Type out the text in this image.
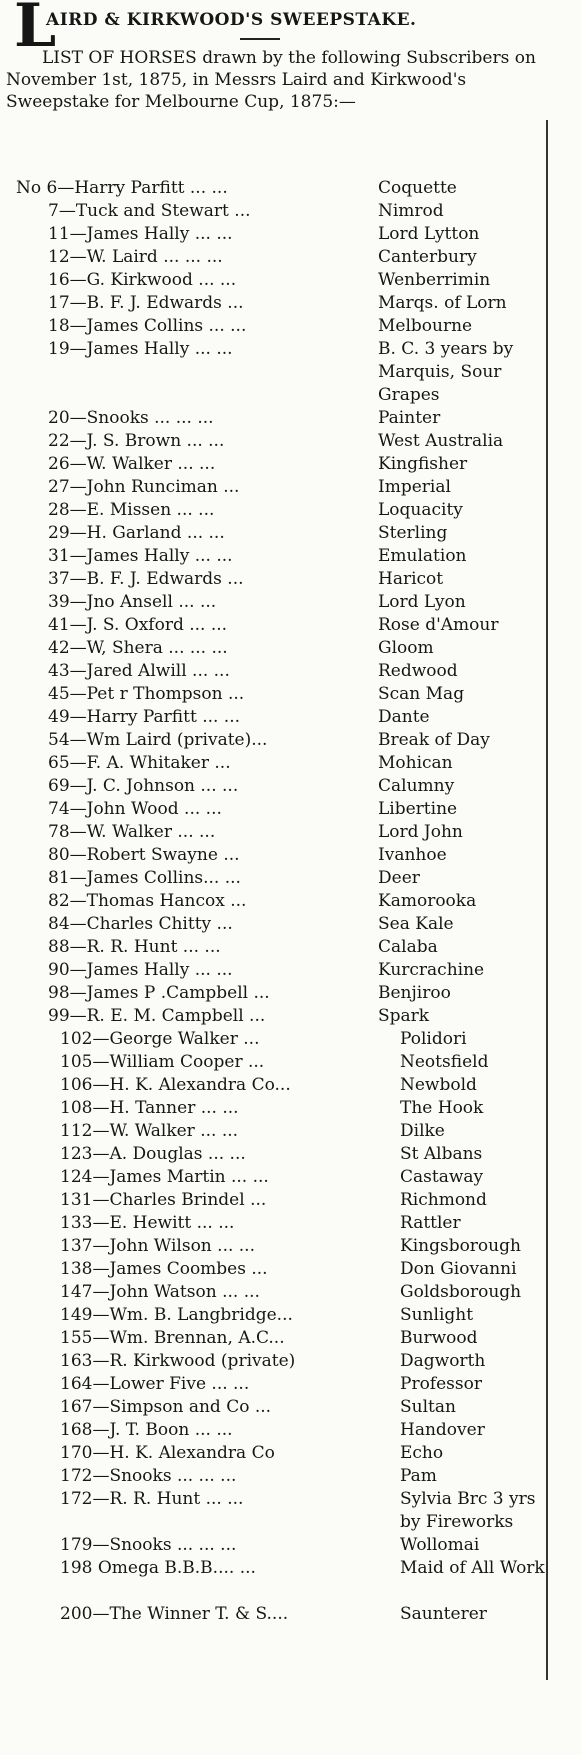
L
AIRD & KIRKWOOD'S SWEEPSTAKE.
LIST OF HORSES drawn by the following Subscribers on November 1st, 1875, in Messrs Laird and Kirkwood's Sweepstake for Melbourne Cup, 1875:—
No 6—Harry Parfitt ... ...	Coquette
7—Tuck and Stewart ...	Nimrod
11—James Hally ... ...	Lord Lytton
12—W. Laird ... ... ...	Canterbury
16—G. Kirkwood ... ...	Wenberrimin
17—B. F. J. Edwards ...	Marqs. of Lorn
18—James Collins ... ...	Melbourne
19—James Hally ... ...	B. C. 3 years by Marquis, Sour Grapes
20—Snooks ... ... ...	Painter
22—J. S. Brown ... ...	West Australia
26—W. Walker ... ...	Kingfisher
27—John Runciman ...	Imperial
28—E. Missen ... ...	Loquacity
29—H. Garland ... ...	Sterling
31—James Hally ... ...	Emulation
37—B. F. J. Edwards ...	Haricot
39—Jno Ansell ... ...	Lord Lyon
41—J. S. Oxford ... ...	Rose d'Amour
42—W, Shera ... ... ...	Gloom
43—Jared Alwill ... ...	Redwood
45—Pet r Thompson ...	Scan Mag
49—Harry Parfitt ... ...	Dante
54—Wm Laird (private)...	Break of Day
65—F. A. Whitaker ...	Mohican
69—J. C. Johnson ... ...	Calumny
74—John Wood ... ...	Libertine
78—W. Walker ... ...	Lord John
80—Robert Swayne ...	Ivanhoe
81—James Collins... ...	Deer
82—Thomas Hancox ...	Kamorooka
84—Charles Chitty ...	Sea Kale
88—R. R. Hunt ... ...	Calaba
90—James Hally ... ...	Kurcrachine
98—James P .Campbell ...	Benjiroo
99—R. E. M. Campbell ...	Spark
102—George Walker ...	Polidori
105—William Cooper ...	Neotsfield
106—H. K. Alexandra Co...	Newbold
108—H. Tanner ... ...	The Hook
112—W. Walker ... ...	Dilke
123—A. Douglas ... ...	St Albans
124—James Martin ... ...	Castaway
131—Charles Brindel ...	Richmond
133—E. Hewitt ... ...	Rattler
137—John Wilson ... ...	Kingsborough
138—James Coombes ...	Don Giovanni
147—John Watson ... ...	Goldsborough
149—Wm. B. Langbridge...	Sunlight
155—Wm. Brennan, A.C...	Burwood
163—R. Kirkwood (private)	Dagworth
164—Lower Five ... ...	Professor
167—Simpson and Co ...	Sultan
168—J. T. Boon ... ...	Handover
170—H. K. Alexandra Co	Echo
172—Snooks ... ... ...	Pam
172—R. R. Hunt ... ...	Sylvia Brc 3 yrs by Fireworks
179—Snooks ... ... ...	Wollomai
198 Omega B.B.B.... ...	Maid of All Work
200—The Winner T. & S....	Saunterer
